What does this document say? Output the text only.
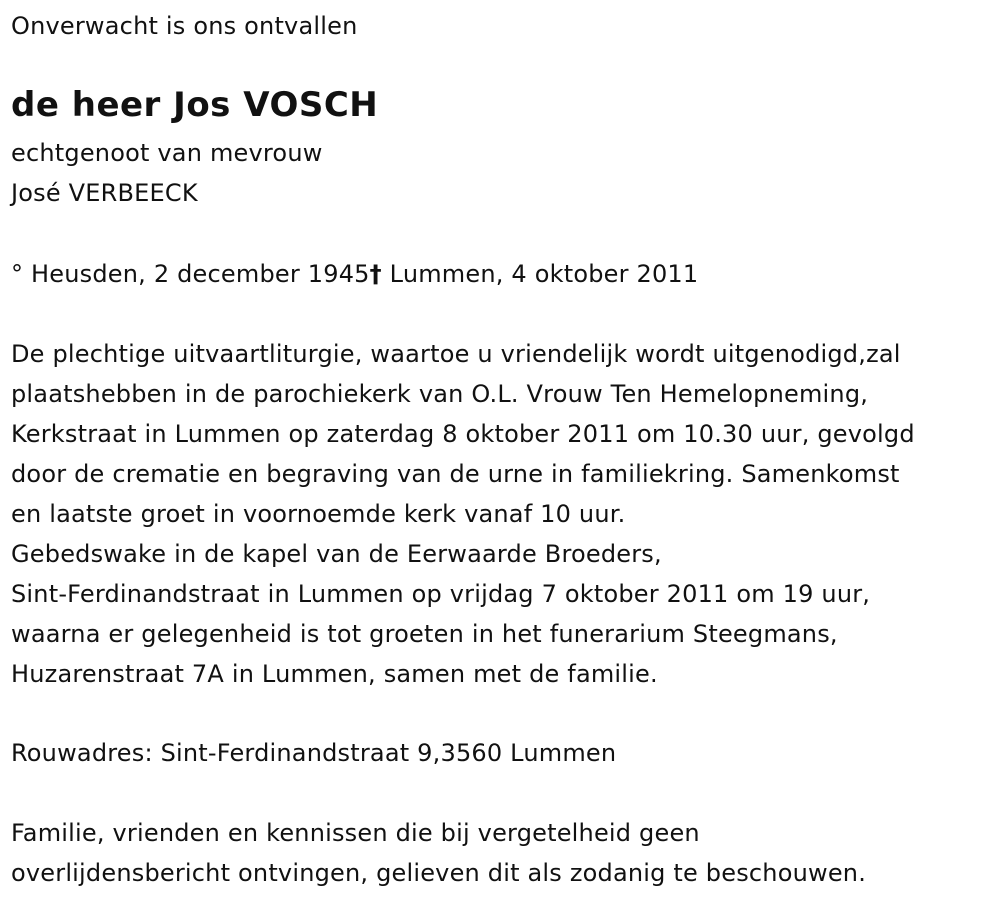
Onverwacht is ons ontvallen
de heer Jos VOSCH
echtgenoot van mevrouw
José VERBEECK
° Heusden, 2 december 1945† Lummen, 4 oktober 2011
De plechtige uitvaartliturgie, waartoe u vriendelijk wordt uitgenodigd,zal
plaatshebben in de parochiekerk van O.L. Vrouw Ten Hemelopneming,
Kerkstraat in Lummen op zaterdag 8 oktober 2011 om 10.30 uur, gevolgd
door de crematie en begraving van de urne in familiekring. Samenkomst
en laatste groet in voornoemde kerk vanaf 10 uur.
Gebedswake in de kapel van de Eerwaarde Broeders,
Sint-Ferdinandstraat in Lummen op vrijdag 7 oktober 2011 om 19 uur,
waarna er gelegenheid is tot groeten in het funerarium Steegmans,
Huzarenstraat 7A in Lummen, samen met de familie.
Rouwadres: Sint-Ferdinandstraat 9,3560 Lummen
Familie, vrienden en kennissen die bij vergetelheid geen
overlijdensbericht ontvingen, gelieven dit als zodanig te beschouwen.
